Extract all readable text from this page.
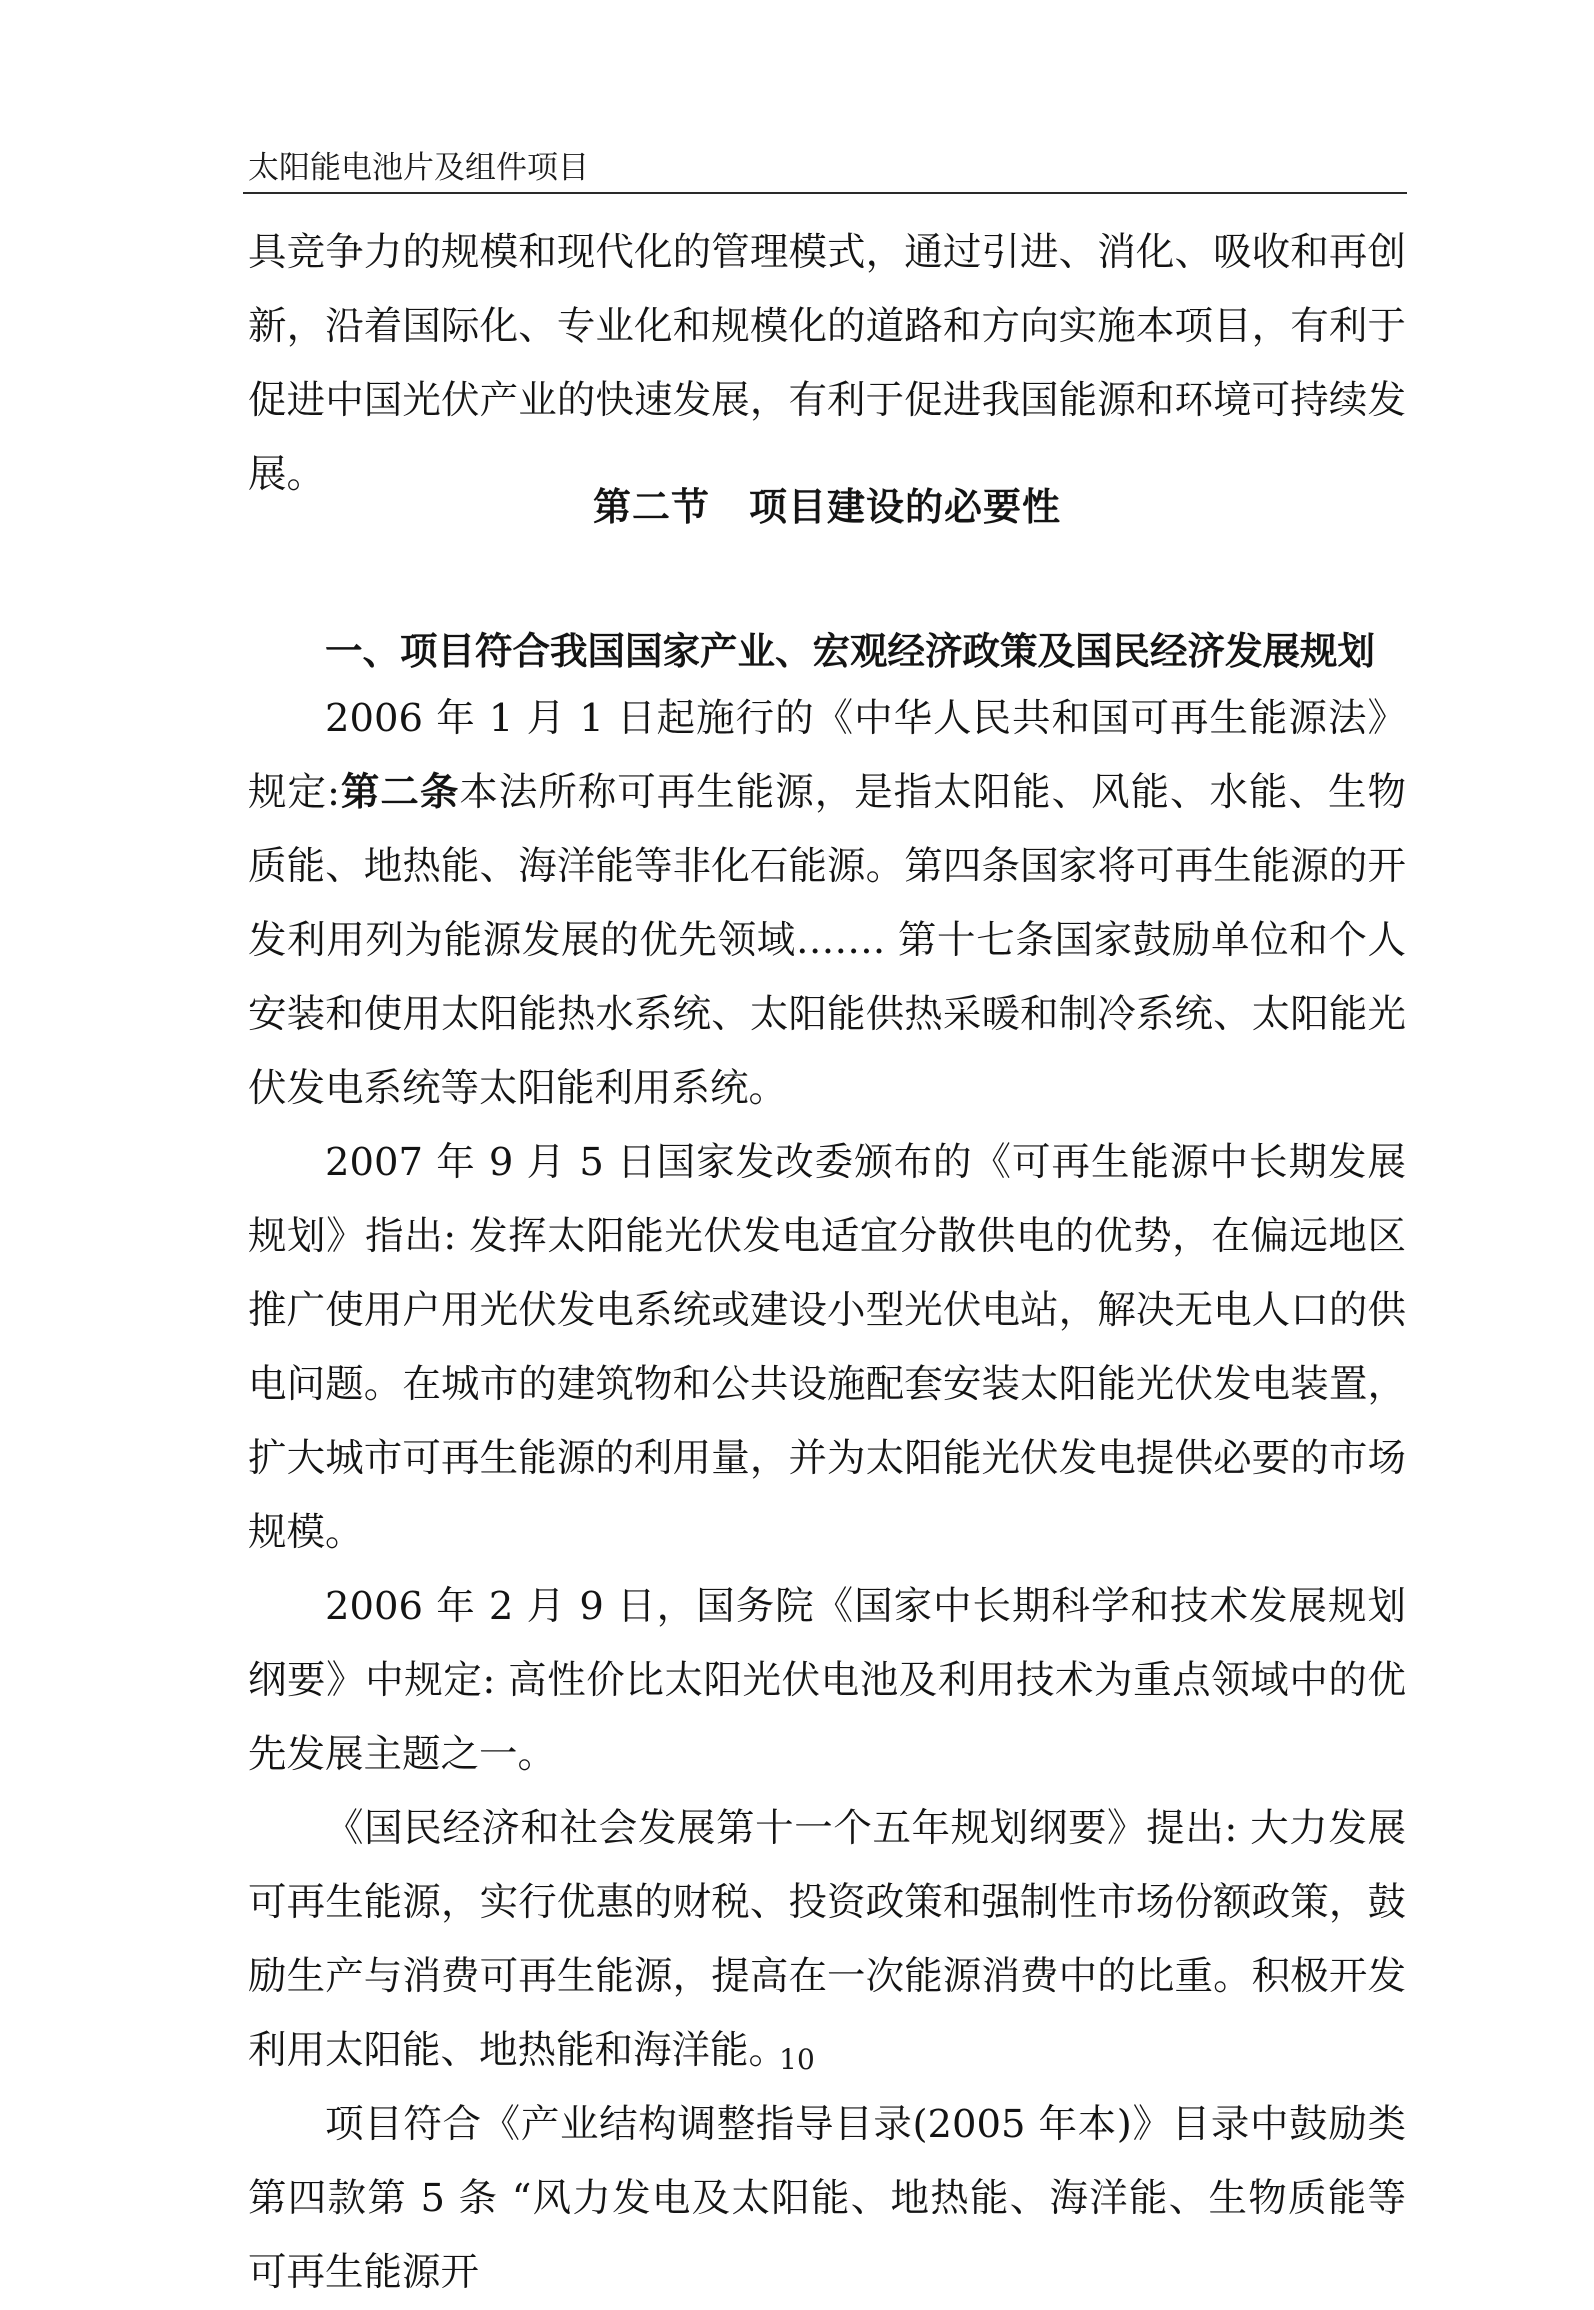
太阳能电池片及组件项目

具竞争力的规模和现代化的管理模式，通过引进、消化、吸收和再创新，沿着国际化、专业化和规模化的道路和方向实施本项目，有利于促进中国光伏产业的快速发展，有利于促进我国能源和环境可持续发展。

第二节　项目建设的必要性
一、项目符合我国国家产业、宏观经济政策及国民经济发展规划

2006 年 1 月 1 日起施行的《中华人民共和国可再生能源法》规定:第二条本法所称可再生能源，是指太阳能、风能、水能、生物质能、地热能、海洋能等非化石能源。第四条国家将可再生能源的开发利用列为能源发展的优先领域……. 第十七条国家鼓励单位和个人安装和使用太阳能热水系统、太阳能供热采暖和制冷系统、太阳能光伏发电系统等太阳能利用系统。

2007 年 9 月 5 日国家发改委颁布的《可再生能源中长期发展规划》指出: 发挥太阳能光伏发电适宜分散供电的优势，在偏远地区推广使用户用光伏发电系统或建设小型光伏电站，解决无电人口的供电问题。在城市的建筑物和公共设施配套安装太阳能光伏发电装置，扩大城市可再生能源的利用量，并为太阳能光伏发电提供必要的市场规模。

2006 年 2 月 9 日，国务院《国家中长期科学和技术发展规划纲要》中规定: 高性价比太阳光伏电池及利用技术为重点领域中的优先发展主题之一。

《国民经济和社会发展第十一个五年规划纲要》提出: 大力发展可再生能源，实行优惠的财税、投资政策和强制性市场份额政策，鼓励生产与消费可再生能源，提高在一次能源消费中的比重。积极开发利用太阳能、地热能和海洋能。

项目符合《产业结构调整指导目录(2005 年本)》目录中鼓励类第四款第 5 条 “风力发电及太阳能、地热能、海洋能、生物质能等可再生能源开

10
